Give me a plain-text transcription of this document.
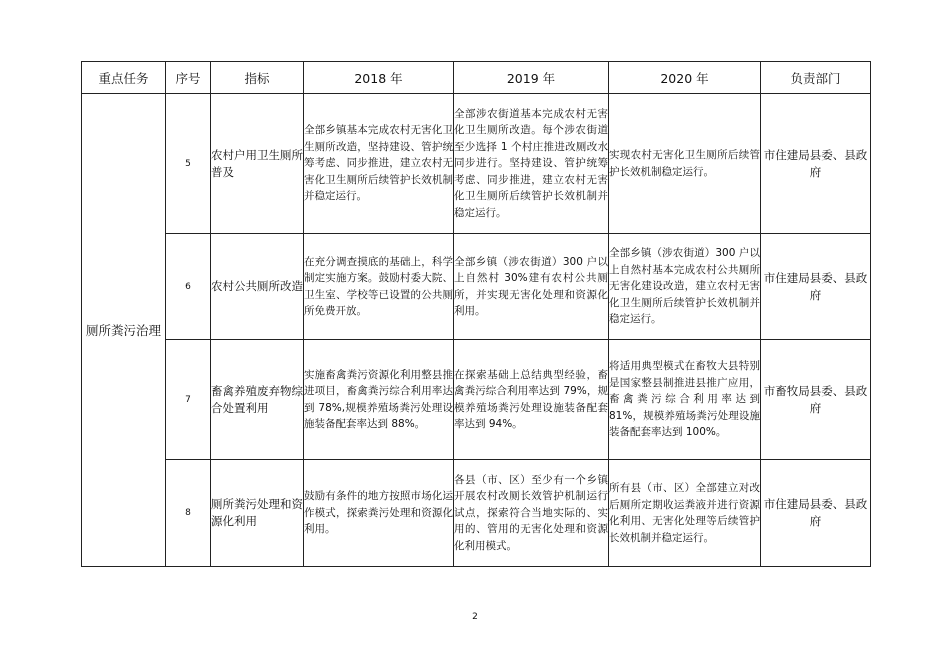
重点任务	序号	指标	2018 年	2019 年	2020 年	负责部门
厕所粪污治理	5	农村户用卫生厕所普及	全部乡镇基本完成农村无害化卫生厕所改造，坚持建设、管护统筹考虑、同步推进，建立农村无害化卫生厕所后续管护长效机制并稳定运行。	全部涉农街道基本完成农村无害化卫生厕所改造。每个涉农街道至少选择 1 个村庄推进改厕改水同步进行。坚持建设、管护统筹考虑、同步推进，建立农村无害化卫生厕所后续管护长效机制并稳定运行。	实现农村无害化卫生厕所后续管护长效机制稳定运行。	市住建局县委、县政府
	6	农村公共厕所改造	在充分调查摸底的基础上，科学制定实施方案。鼓励村委大院、卫生室、学校等已设置的公共厕所免费开放。	全部乡镇（涉农街道）300 户以上自然村 30%建有农村公共厕所，并实现无害化处理和资源化利用。	全部乡镇（涉农街道）300 户以上自然村基本完成农村公共厕所无害化建设改造，建立农村无害化卫生厕所后续管护长效机制并稳定运行。	市住建局县委、县政府
	7	畜禽养殖废弃物综合处置利用	实施畜禽粪污资源化利用整县推进项目，畜禽粪污综合利用率达到 78%,规模养殖场粪污处理设施装备配套率达到 88%。	在探索基础上总结典型经验，畜禽粪污综合利用率达到 79%，规模养殖场粪污处理设施装备配套率达到 94%。	将适用典型模式在畜牧大县特别是国家整县制推进县推广应用，畜禽粪污综合利用率达到 81%，规模养殖场粪污处理设施装备配套率达到 100%。	市畜牧局县委、县政府
	8	厕所粪污处理和资源化利用	鼓励有条件的地方按照市场化运作模式，探索粪污处理和资源化利用。	各县（市、区）至少有一个乡镇开展农村改厕长效管护机制运行试点，探索符合当地实际的、实用的、管用的无害化处理和资源化利用模式。	所有县（市、区）全部建立对改后厕所定期收运粪液并进行资源化利用、无害化处理等后续管护长效机制并稳定运行。	市住建局县委、县政府
2
